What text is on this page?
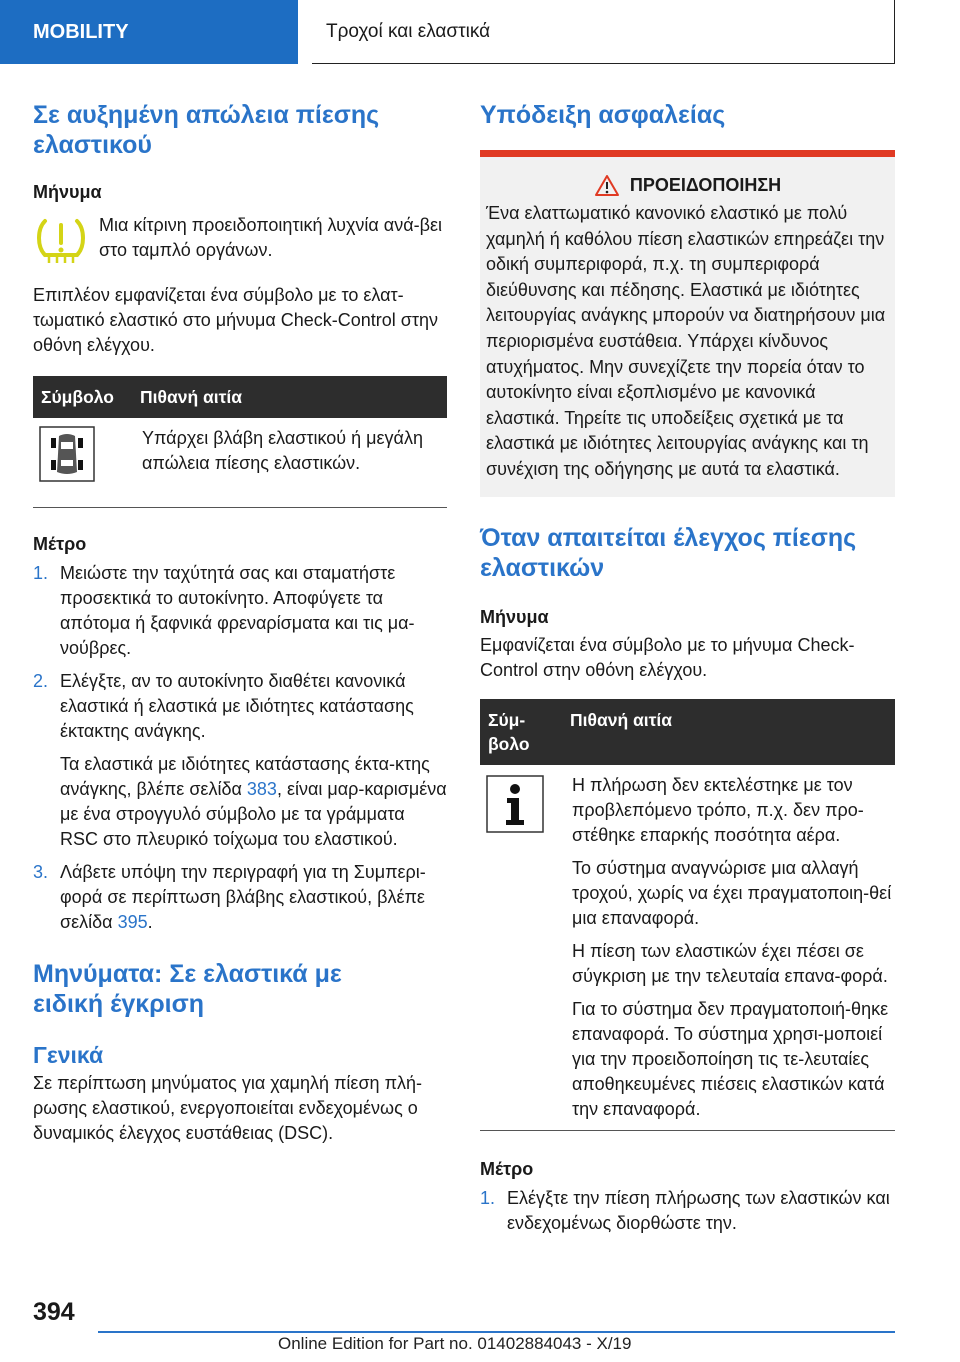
MOBILITY	Τροχοί και ελαστικά
Σε αυξημένη απώλεια πίεσης ελαστικού
Μήνυμα

Μια κίτρινη προειδοποιητική λυχνία ανά-βει στο ταμπλό οργάνων.

Επιπλέον εμφανίζεται ένα σύμβολο με το ελατ-τωματικό ελαστικό στο μήνυμα Check-Control στην οθόνη ελέγχου.

Σύμβολο	Πιθανή αιτία
	Υπάρχει βλάβη ελαστικού ή μεγάλη απώλεια πίεσης ελαστικών.
Μέτρο
1. Μειώστε την ταχύτητά σας και σταματήστε προσεκτικά το αυτοκίνητο. Αποφύγετε τα απότομα ή ξαφνικά φρεναρίσματα και τις μα-νούβρες.
2. Ελέγξτε, αν το αυτοκίνητο διαθέτει κανονικά ελαστικά ή ελαστικά με ιδιότητες κατάστασης έκτακτης ανάγκης.
Τα ελαστικά με ιδιότητες κατάστασης έκτα-κτης ανάγκης, βλέπε σελίδα 383, είναι μαρ-καρισμένα με ένα στρογγυλό σύμβολο με τα γράμματα RSC στο πλευρικό τοίχωμα του ελαστικού.
3. Λάβετε υπόψη την περιγραφή για τη Συμπερι-φορά σε περίπτωση βλάβης ελαστικού, βλέπε σελίδα 395.
Μηνύματα: Σε ελαστικά με ειδική έγκριση
Γενικά

Σε περίπτωση μηνύματος για χαμηλή πίεση πλή-ρωσης ελαστικού, ενεργοποιείται ενδεχομένως ο δυναμικός έλεγχος ευστάθειας (DSC).

Υπόδειξη ασφαλείας
ΠΡΟΕΙΔΟΠΟΙΗΣΗ

Ένα ελαττωματικό κανονικό ελαστικό με πολύ χαμηλή ή καθόλου πίεση ελαστικών επηρεάζει την οδική συμπεριφορά, π.χ. τη συμπεριφορά διεύθυνσης και πέδησης. Ελαστικά με ιδιότητες λειτουργίας ανάγκης μπορούν να διατηρήσουν μια περιορισμένα ευστάθεια. Υπάρχει κίνδυνος ατυχήματος. Μην συνεχίζετε την πορεία όταν το αυτοκίνητο είναι εξοπλισμένο με κανονικά ελαστικά. Τηρείτε τις υποδείξεις σχετικά με τα ελαστικά με ιδιότητες λειτουργίας ανάγκης και τη συνέχιση της οδήγησης με αυτά τα ελαστικά.

Όταν απαιτείται έλεγχος πίεσης ελαστικών
Μήνυμα

Εμφανίζεται ένα σύμβολο με το μήνυμα Check-Control στην οθόνη ελέγχου.

Σύμ-βολο	Πιθανή αιτία
	Η πλήρωση δεν εκτελέστηκε με τον προβλεπόμενο τρόπο, π.χ. δεν προ-στέθηκε επαρκής ποσότητα αέρα.
	Το σύστημα αναγνώρισε μια αλλαγή τροχού, χωρίς να έχει πραγματοποιη-θεί μια επαναφορά.
	Η πίεση των ελαστικών έχει πέσει σε σύγκριση με την τελευταία επανα-φορά.
	Για το σύστημα δεν πραγματοποιή-θηκε επαναφορά. Το σύστημα χρησι-μοποιεί για την προειδοποίηση τις τε-λευταίες αποθηκευμένες πιέσεις ελαστικών κατά την επαναφορά.
Μέτρο
1. Ελέγξτε την πίεση πλήρωσης των ελαστικών και ενδεχομένως διορθώστε την.
394
Online Edition for Part no. 01402884043 - X/19
